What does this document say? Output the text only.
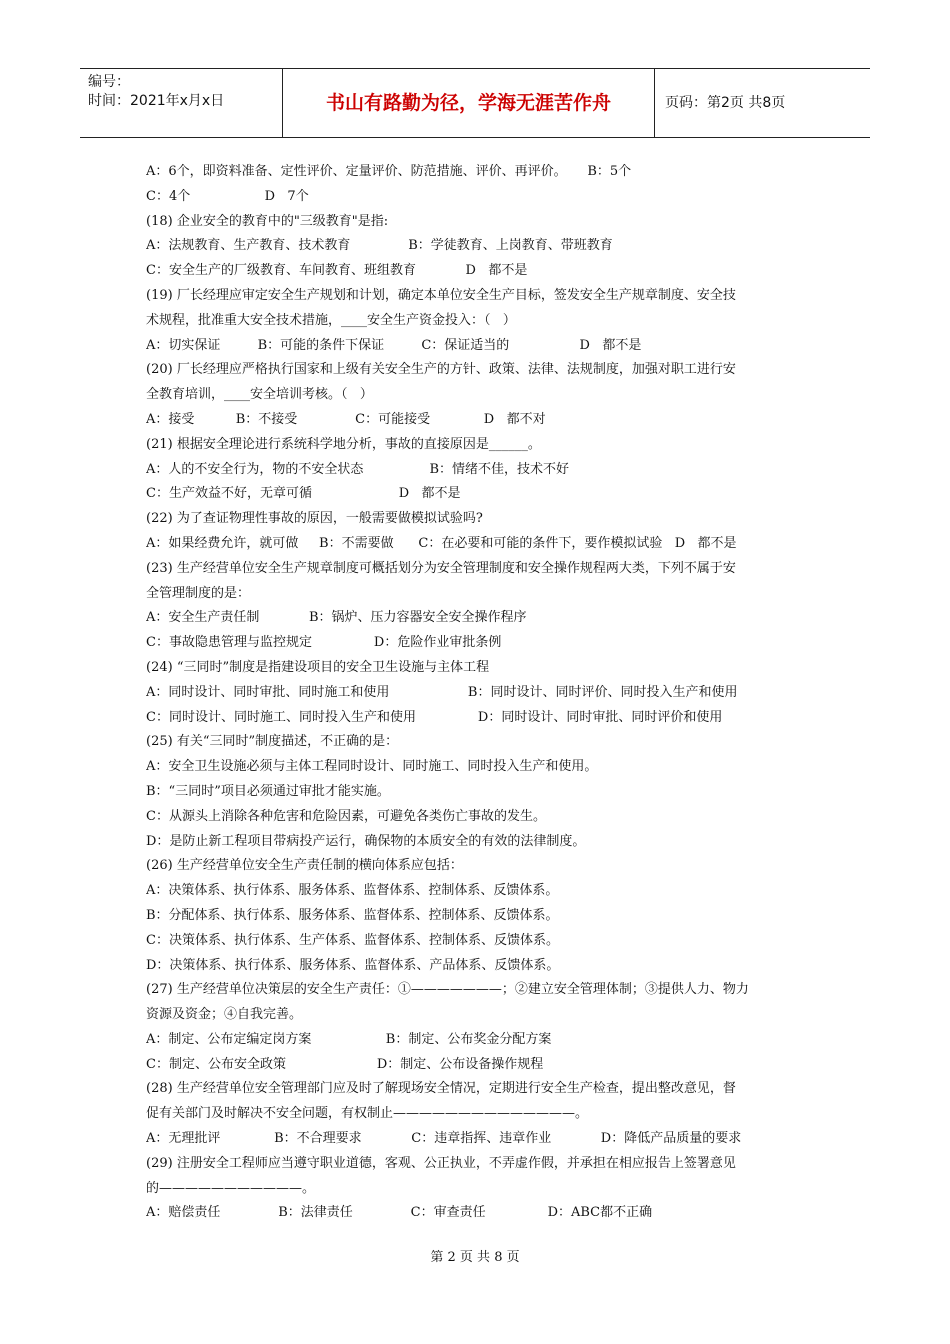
编号：
时间：2021年x月x日	书山有路勤为径，学海无涯苦作舟	页码：第2页 共8页
A：6个，即资料准备、定性评价、定量评价、防范措施、评价、再评价。     B：5个
C：4个                  D   7个
(18) 企业安全的教育中的"三级教育"是指:
A：法规教育、生产教育、技术教育              B：学徒教育、上岗教育、带班教育
C：安全生产的厂级教育、车间教育、班组教育            D   都不是
(19) 厂长经理应审定安全生产规划和计划，确定本单位安全生产目标，签发安全生产规章制度、安全技
术规程，批准重大安全技术措施，____安全生产资金投入：（   ）
A：切实保证         B：可能的条件下保证         C：保证适当的                 D   都不是
(20) 厂长经理应严格执行国家和上级有关安全生产的方针、政策、法律、法规制度，加强对职工进行安
全教育培训，____安全培训考核。（   ）
A：接受          B：不接受              C：可能接受             D   都不对
(21) 根据安全理论进行系统科学地分析，事故的直接原因是______。
A：人的不安全行为，物的不安全状态                B：情绪不佳，技术不好
C：生产效益不好，无章可循                     D   都不是
(22) 为了查证物理性事故的原因，一般需要做模拟试验吗?
A：如果经费允许，就可做     B：不需要做      C：在必要和可能的条件下，要作模拟试验   D   都不是
(23) 生产经营单位安全生产规章制度可概括划分为安全管理制度和安全操作规程两大类，下列不属于安
全管理制度的是：
A：安全生产责任制            B：锅炉、压力容器安全安全操作程序
C：事故隐患管理与监控规定               D：危险作业审批条例
(24) “三同时”制度是指建设项目的安全卫生设施与主体工程
A：同时设计、同时审批、同时施工和使用                   B：同时设计、同时评价、同时投入生产和使用
C：同时设计、同时施工、同时投入生产和使用               D：同时设计、同时审批、同时评价和使用
(25) 有关“三同时”制度描述，不正确的是：
A：安全卫生设施必须与主体工程同时设计、同时施工、同时投入生产和使用。
B：“三同时”项目必须通过审批才能实施。
C：从源头上消除各种危害和危险因素，可避免各类伤亡事故的发生。
D：是防止新工程项目带病投产运行，确保物的本质安全的有效的法律制度。
(26) 生产经营单位安全生产责任制的横向体系应包括：
A：决策体系、执行体系、服务体系、监督体系、控制体系、反馈体系。
B：分配体系、执行体系、服务体系、监督体系、控制体系、反馈体系。
C：决策体系、执行体系、生产体系、监督体系、控制体系、反馈体系。
D：决策体系、执行体系、服务体系、监督体系、产品体系、反馈体系。
(27) 生产经营单位决策层的安全生产责任：①———————；②建立安全管理体制；③提供人力、物力
资源及资金；④自我完善。
A：制定、公布定编定岗方案                  B：制定、公布奖金分配方案
C：制定、公布安全政策                      D：制定、公布设备操作规程
(28) 生产经营单位安全管理部门应及时了解现场安全情况，定期进行安全生产检查，提出整改意见，督
促有关部门及时解决不安全问题，有权制止——————————————。
A：无理批评             B：不合理要求            C：违章指挥、违章作业            D：降低产品质量的要求
(29) 注册安全工程师应当遵守职业道德，客观、公正执业，不弄虚作假，并承担在相应报告上签署意见
的———————————。
A：赔偿责任              B：法律责任              C：审查责任               D：ABC都不正确
第 2 页 共 8 页
